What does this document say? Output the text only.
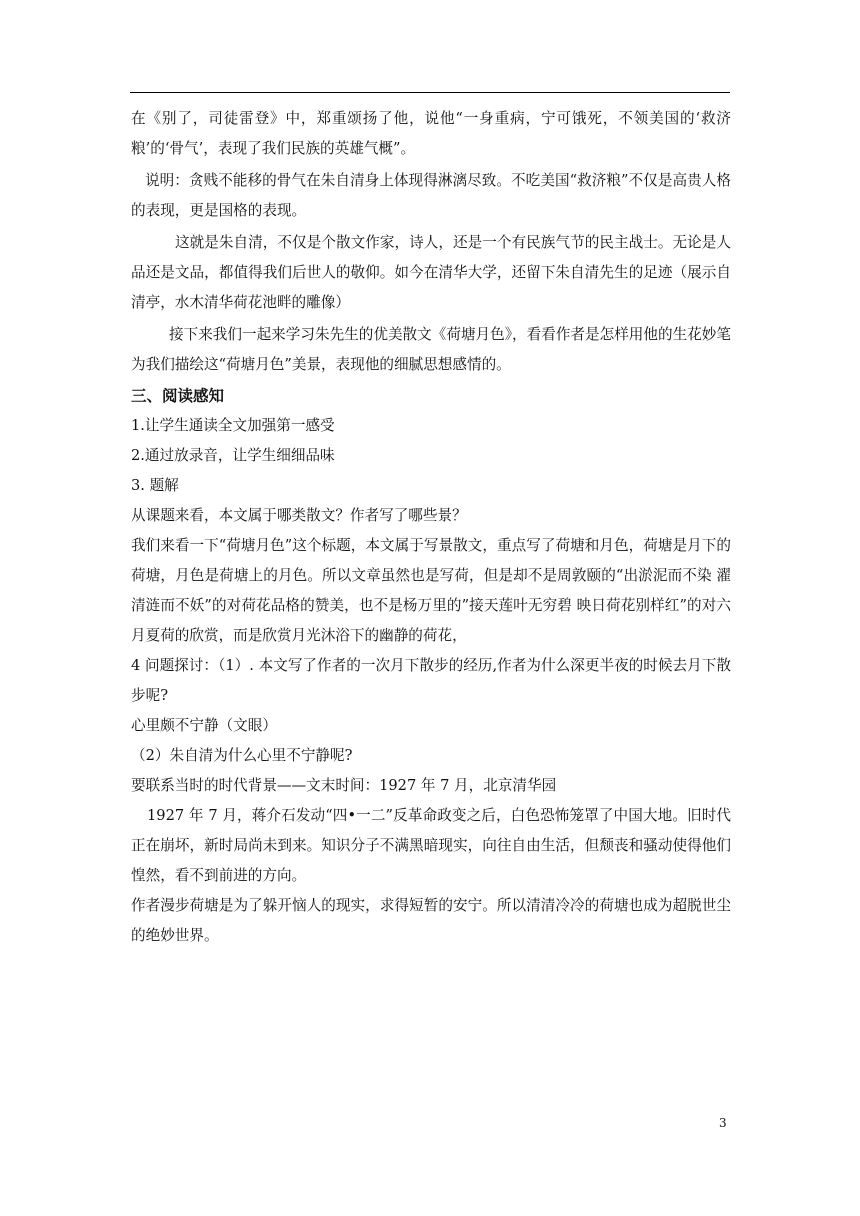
在《别了，司徒雷登》中，郑重颂扬了他，说他“一身重病，宁可饿死，不领美国的‘救济粮’的‘骨气’，表现了我们民族的英雄气概”。

说明：贪贱不能移的骨气在朱自清身上体现得淋漓尽致。不吃美国“救济粮”不仅是高贵人格的表现，更是国格的表现。

这就是朱自清，不仅是个散文作家，诗人，还是一个有民族气节的民主战士。无论是人品还是文品，都值得我们后世人的敬仰。如今在清华大学，还留下朱自清先生的足迹（展示自清亭，水木清华荷花池畔的雕像）

接下来我们一起来学习朱先生的优美散文《荷塘月色》，看看作者是怎样用他的生花妙笔为我们描绘这“荷塘月色”美景，表现他的细腻思想感情的。

三、阅读感知

1.让学生通读全文加强第一感受

2.通过放录音，让学生细细品味

3. 题解

从课题来看，本文属于哪类散文？作者写了哪些景？

我们来看一下“荷塘月色”这个标题，本文属于写景散文，重点写了荷塘和月色，荷塘是月下的荷塘，月色是荷塘上的月色。所以文章虽然也是写荷，但是却不是周敦颐的“出淤泥而不染 濯清涟而不妖”的对荷花品格的赞美，也不是杨万里的”接天莲叶无穷碧 映日荷花别样红”的对六月夏荷的欣赏，而是欣赏月光沐浴下的幽静的荷花，

4 问题探讨：（1）. 本文写了作者的一次月下散步的经历,作者为什么深更半夜的时候去月下散步呢?

心里颇不宁静（文眼）

（2）朱自清为什么心里不宁静呢?

要联系当时的时代背景——文末时间：1927 年 7 月，北京清华园

1927 年 7 月，蒋介石发动“四•一二”反革命政变之后，白色恐怖笼罩了中国大地。旧时代正在崩坏，新时局尚未到来。知识分子不满黑暗现实，向往自由生活，但颓丧和骚动使得他们惶然，看不到前进的方向。

作者漫步荷塘是为了躲开恼人的现实，求得短暂的安宁。所以清清冷冷的荷塘也成为超脱世尘的绝妙世界。

3
